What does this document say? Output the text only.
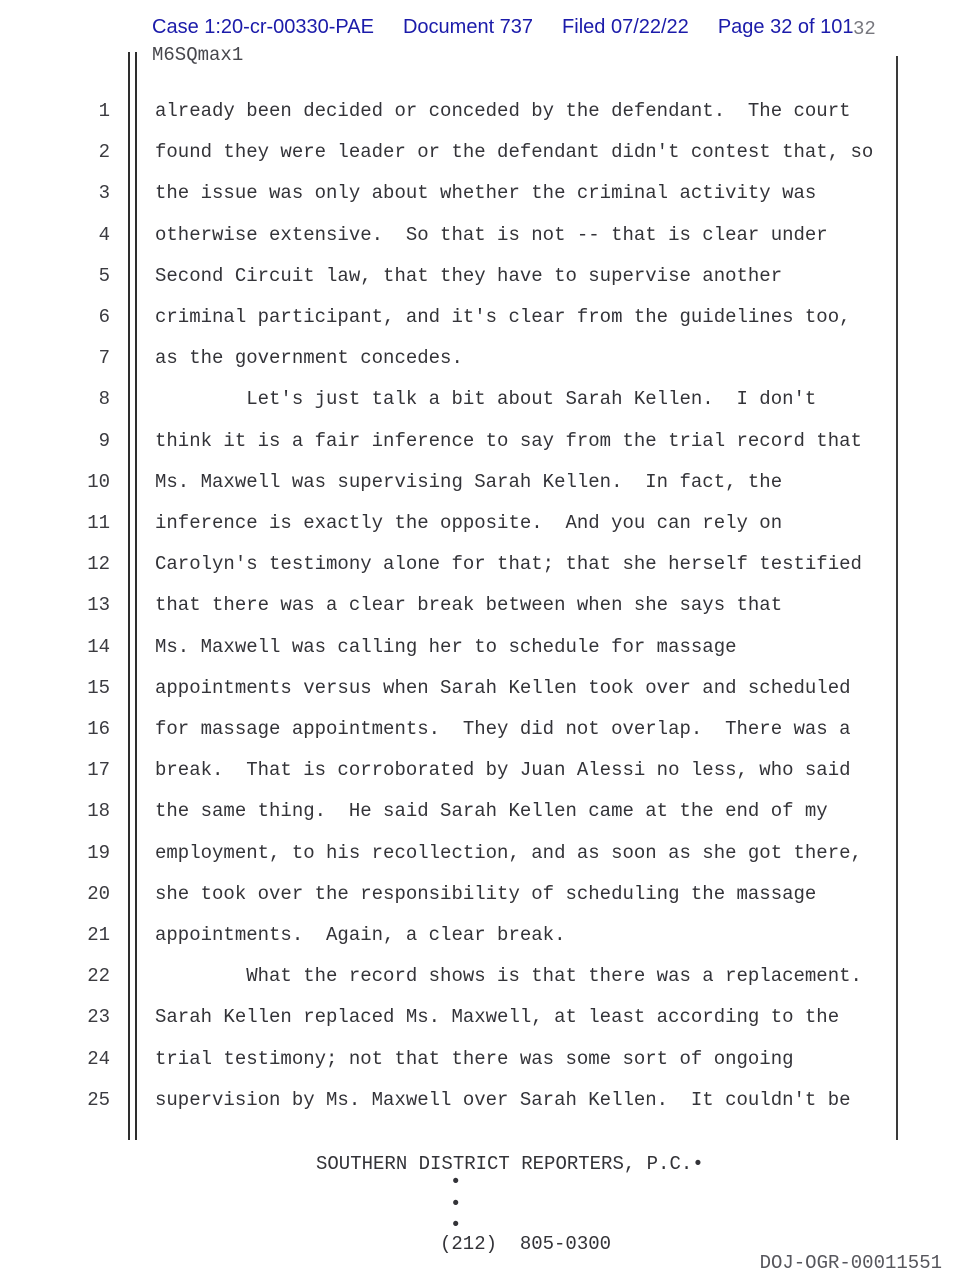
Case 1:20-cr-00330-PAE Document 737 Filed 07/22/22 Page 32 of 101 32
M6SQmax1
1 already been decided or conceded by the defendant.  The court
2 found they were leader or the defendant didn't contest that, so
3 the issue was only about whether the criminal activity was
4 otherwise extensive.  So that is not -- that is clear under
5 Second Circuit law, that they have to supervise another
6 criminal participant, and it's clear from the guidelines too,
7 as the government concedes.
8 Let's just talk a bit about Sarah Kellen.  I don't
9 think it is a fair inference to say from the trial record that
10 Ms. Maxwell was supervising Sarah Kellen.  In fact, the
11 inference is exactly the opposite.  And you can rely on
12 Carolyn's testimony alone for that; that she herself testified
13 that there was a clear break between when she says that
14 Ms. Maxwell was calling her to schedule for massage
15 appointments versus when Sarah Kellen took over and scheduled
16 for massage appointments.  They did not overlap.  There was a
17 break.  That is corroborated by Juan Alessi no less, who said
18 the same thing.  He said Sarah Kellen came at the end of my
19 employment, to his recollection, and as soon as she got there,
20 she took over the responsibility of scheduling the massage
21 appointments.  Again, a clear break.
22 What the record shows is that there was a replacement.
23 Sarah Kellen replaced Ms. Maxwell, at least according to the
24 trial testimony; not that there was some sort of ongoing
25 supervision by Ms. Maxwell over Sarah Kellen.  It couldn't be
SOUTHERN DISTRICT REPORTERS, P.C.•
•
•
•
(212)  805-0300
DOJ-OGR-00011551
